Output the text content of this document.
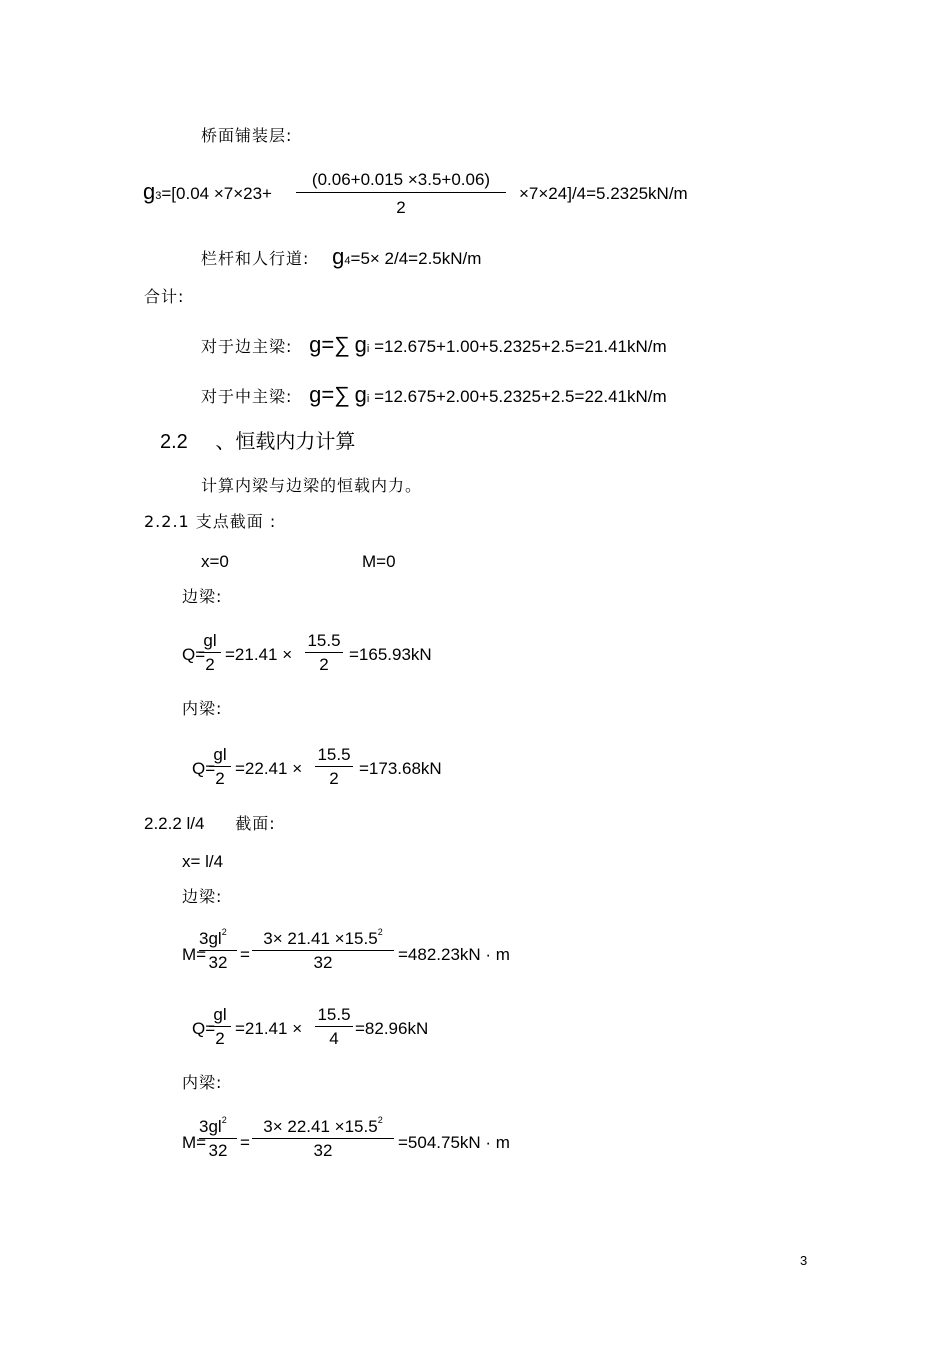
桥面铺装层:
g3=[0.04 ×7×23+
(0.06+0.015 ×3.5+0.06)
2
×7×24]/4=5.2325kN/m
栏杆和人行道: g4=5× 2/4=2.5kN/m
合计:
对于边主梁: g=∑ gi =12.675+1.00+5.2325+2.5=21.41kN/m
对于中主梁: g=∑ gi =12.675+2.00+5.2325+2.5=22.41kN/m
2.2 、恒载内力计算
计算内梁与边梁的恒载内力。
2.2.1 支点截面 :
x=0	M=0
边梁:
Q=
gl
2
=21.41 ×
15.5
2
=165.93kN
内梁:
Q=
gl
2
=22.41 ×
15.5
2
=173.68kN
2.2.2 l/4 截面:
x= l/4
边梁:
M=
$3gl^2$
32 =
$3\times 21.41 \times 15.5^2$
32	=482.23kN · m
Q=
gl
2
=21.41 ×
15.5
4
=82.96kN
内梁:
M=
$3gl^2$
32 =
$3\times 22.41 \times 15.5^2$
32	=504.75kN · m
3
